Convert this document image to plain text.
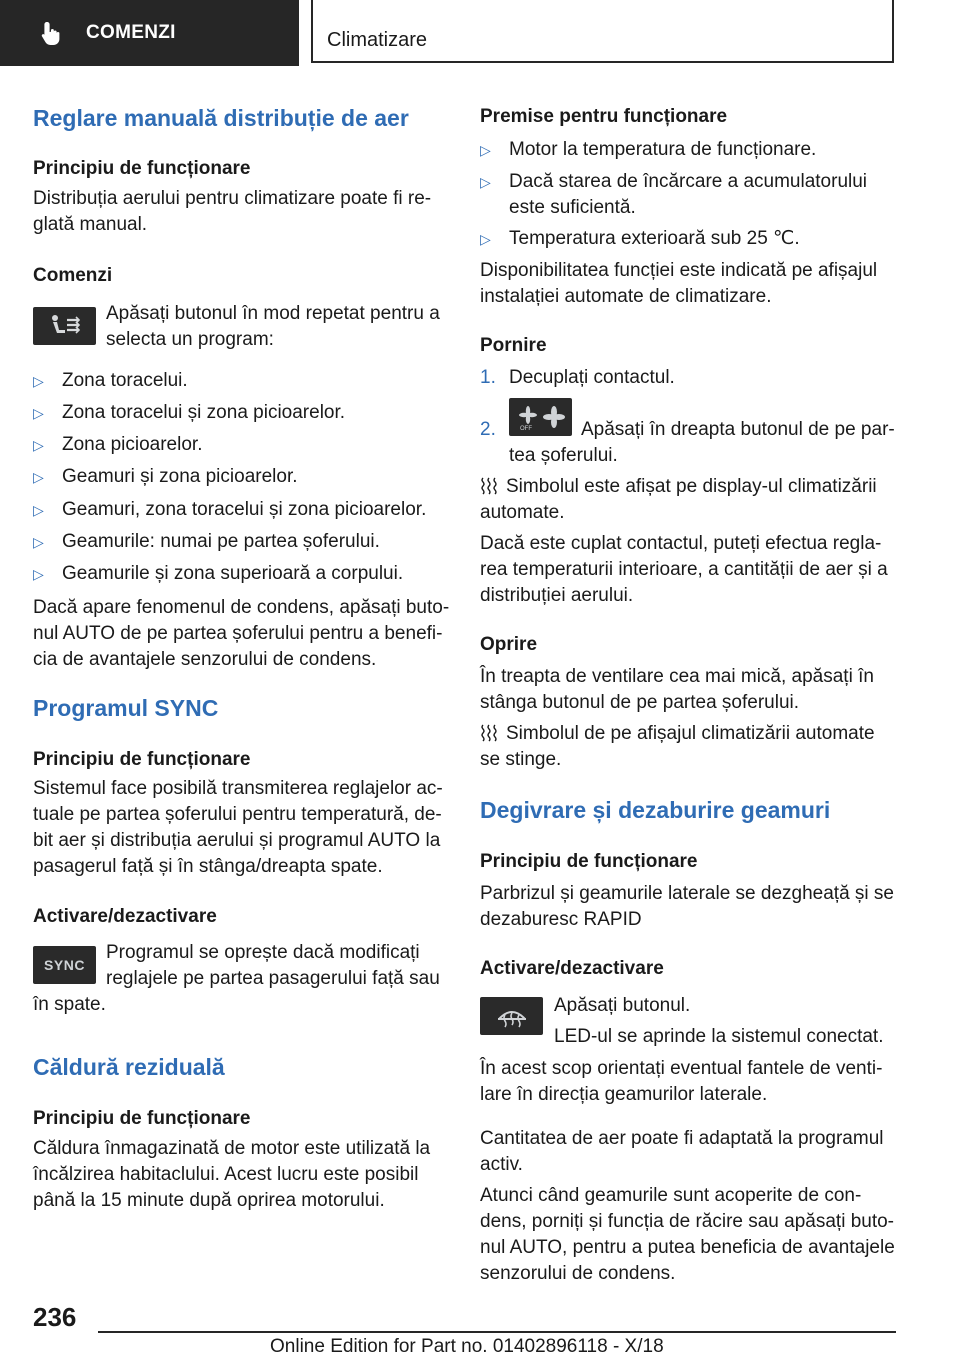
COMENZI	Climatizare
Reglare manuală distribuție de aer
Principiu de funcționare
Distribuția aerului pentru climatizare poate fi re‐glată manual.
Comenzi
Apăsați butonul în mod repetat pentru a selecta un program:
▷ Zona toracelui.
▷ Zona toracelui și zona picioarelor.
▷ Zona picioarelor.
▷ Geamuri și zona picioarelor.
▷ Geamuri, zona toracelui și zona picioarelor.
▷ Geamurile: numai pe partea șoferului.
▷ Geamurile și zona superioară a corpului.
Dacă apare fenomenul de condens, apăsați buto‐nul AUTO de pe partea șoferului pentru a benefi‐cia de avantajele senzorului de condens.
Programul SYNC
Principiu de funcționare
Sistemul face posibilă transmiterea reglajelor ac‐tuale pe partea șoferului pentru temperatură, de‐bit aer și distribuția aerului și programul AUTO la pasagerul față și în stânga/dreapta spate.
Activare/dezactivare
SYNC
Programul se oprește dacă modificați reglajele pe partea pasagerului față sau
în spate.
Căldură reziduală
Principiu de funcționare
Căldura înmagazinată de motor este utilizată la încălzirea habitaclului. Acest lucru este posibil până la 15 minute după oprirea motorului.
Premise pentru funcționare
▷ Motor la temperatura de funcționare.
▷ Dacă starea de încărcare a acumulatorului este suficientă.
▷ Temperatura exterioară sub 25 ℃.
Disponibilitatea funcției este indicată pe afișajul instalației automate de climatizare.
Pornire
1. Decuplați contactul.
2.	OFF	Apăsați în dreapta butonul de pe par‐
tea șoferului.
Simbolul este afișat pe display-ul climatizării
automate.
Dacă este cuplat contactul, puteți efectua regla‐rea temperaturii interioare, a cantității de aer și a distribuției aerului.
Oprire
În treapta de ventilare cea mai mică, apăsați în stânga butonul de pe partea șoferului.
Simbolul de pe afișajul climatizării automate
se stinge.
Degivrare și dezaburire geamuri
Principiu de funcționare
Parbrizul și geamurile laterale se dezgheață și se dezaburesc RAPID
Activare/dezactivare
Apăsați butonul.
LED-ul se aprinde la sistemul conectat.
În acest scop orientați eventual fantele de venti‐lare în direcția geamurilor laterale.
Cantitatea de aer poate fi adaptată la programul activ.
Atunci când geamurile sunt acoperite de con‐dens, porniți și funcția de răcire sau apăsați buto‐nul AUTO, pentru a putea beneficia de avantajele senzorului de condens.
236
Online Edition for Part no. 01402896118 - X/18
